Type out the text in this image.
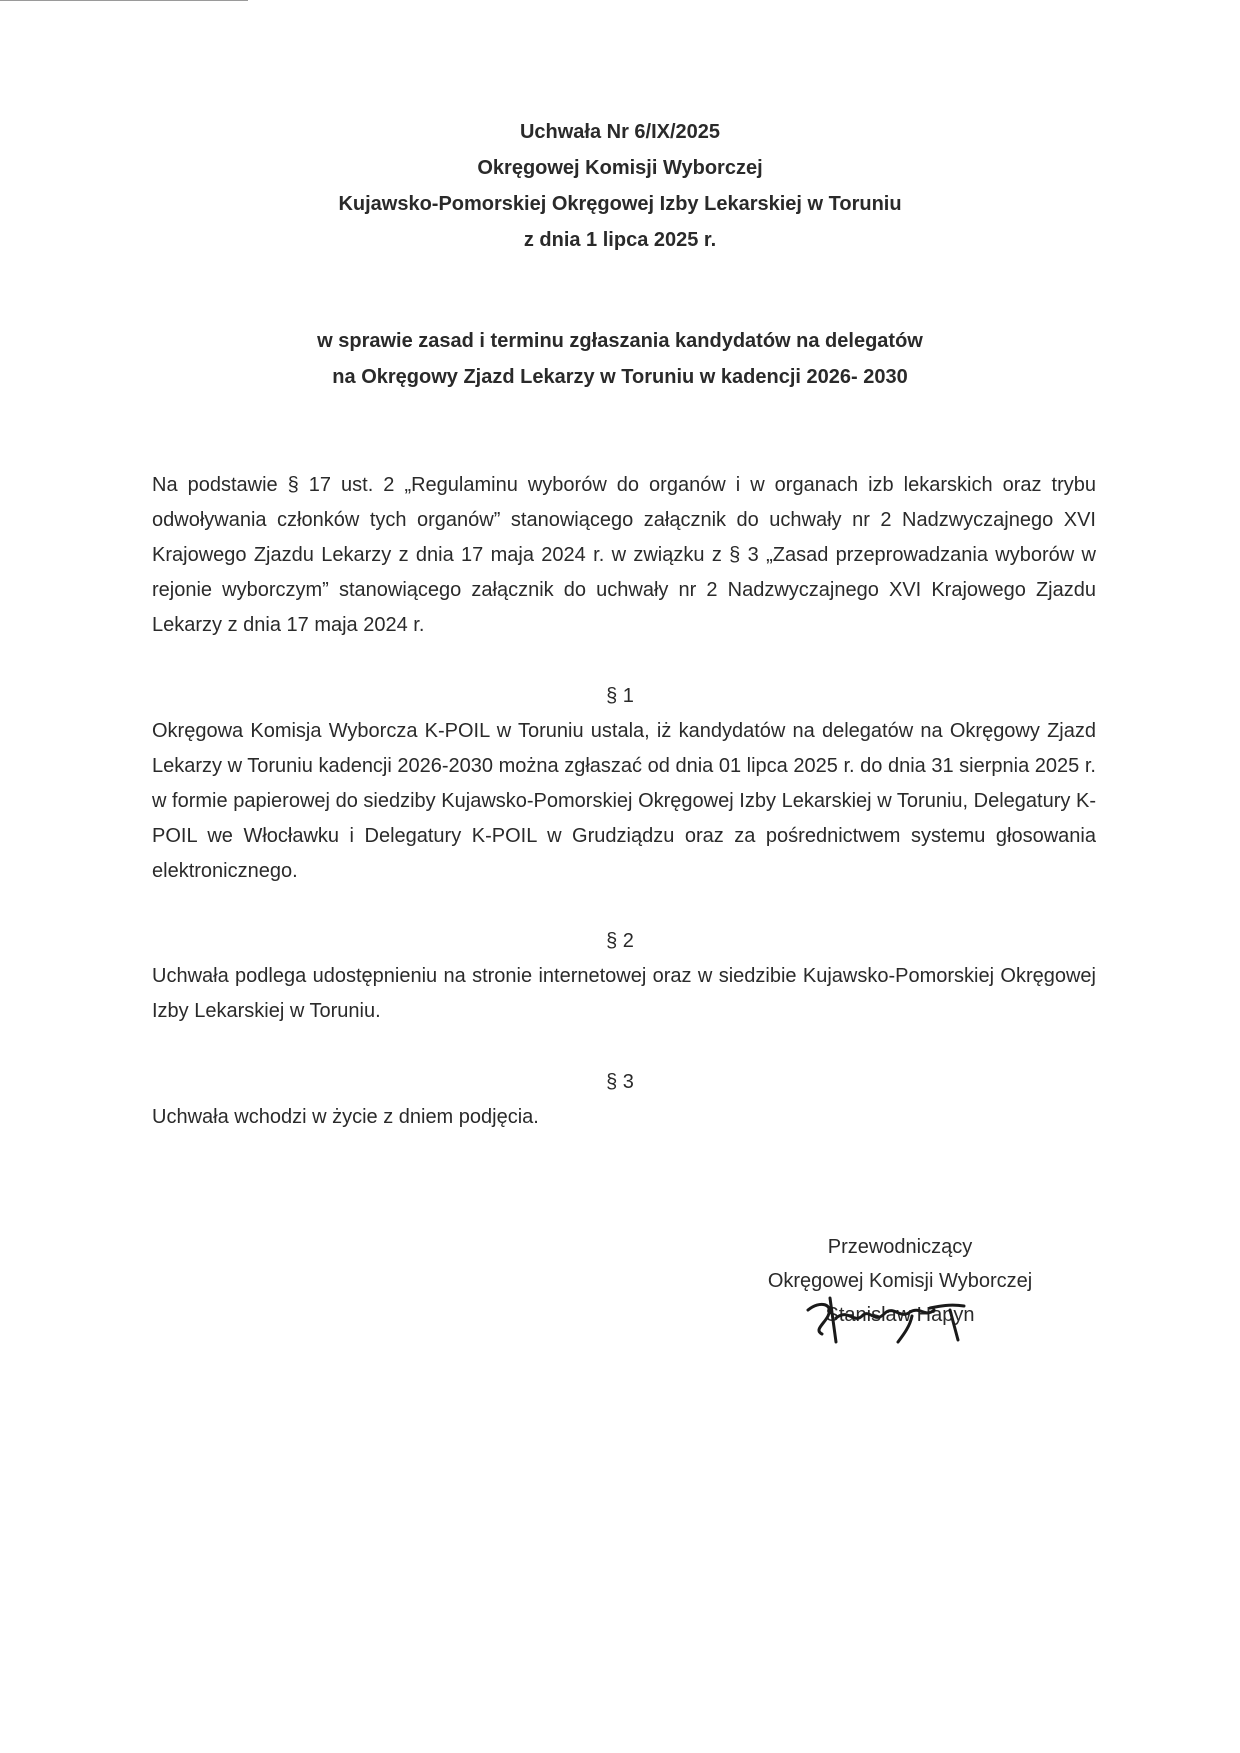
Uchwała Nr 6/IX/2025
Okręgowej Komisji Wyborczej
Kujawsko-Pomorskiej Okręgowej Izby Lekarskiej w Toruniu
z dnia 1 lipca 2025 r.
w sprawie zasad i terminu zgłaszania kandydatów na delegatów
na Okręgowy Zjazd Lekarzy w Toruniu w kadencji 2026- 2030
Na podstawie § 17 ust. 2 „Regulaminu wyborów do organów i w organach izb lekarskich oraz trybu odwoływania członków tych organów” stanowiącego załącznik do uchwały nr 2 Nadzwyczajnego XVI Krajowego Zjazdu Lekarzy z dnia 17 maja 2024 r. w związku z § 3 „Zasad przeprowadzania wyborów w rejonie wyborczym” stanowiącego załącznik do uchwały nr 2 Nadzwyczajnego XVI Krajowego Zjazdu Lekarzy z dnia 17 maja 2024 r.
§ 1
Okręgowa Komisja Wyborcza K-POIL w Toruniu ustala, iż kandydatów na delegatów na Okręgowy Zjazd Lekarzy w Toruniu kadencji 2026-2030 można zgłaszać od dnia 01 lipca 2025 r. do dnia 31 sierpnia 2025 r. w formie papierowej do siedziby Kujawsko-Pomorskiej Okręgowej Izby Lekarskiej w Toruniu, Delegatury K-POIL we Włocławku i Delegatury K-POIL w Grudziądzu oraz za pośrednictwem systemu głosowania elektronicznego.
§ 2
Uchwała podlega udostępnieniu na stronie internetowej oraz w siedzibie Kujawsko-Pomorskiej Okręgowej Izby Lekarskiej w Toruniu.
§ 3
Uchwała wchodzi w życie z dniem podjęcia.
Przewodniczący
Okręgowej Komisji Wyborczej
Stanisław Hapyn
